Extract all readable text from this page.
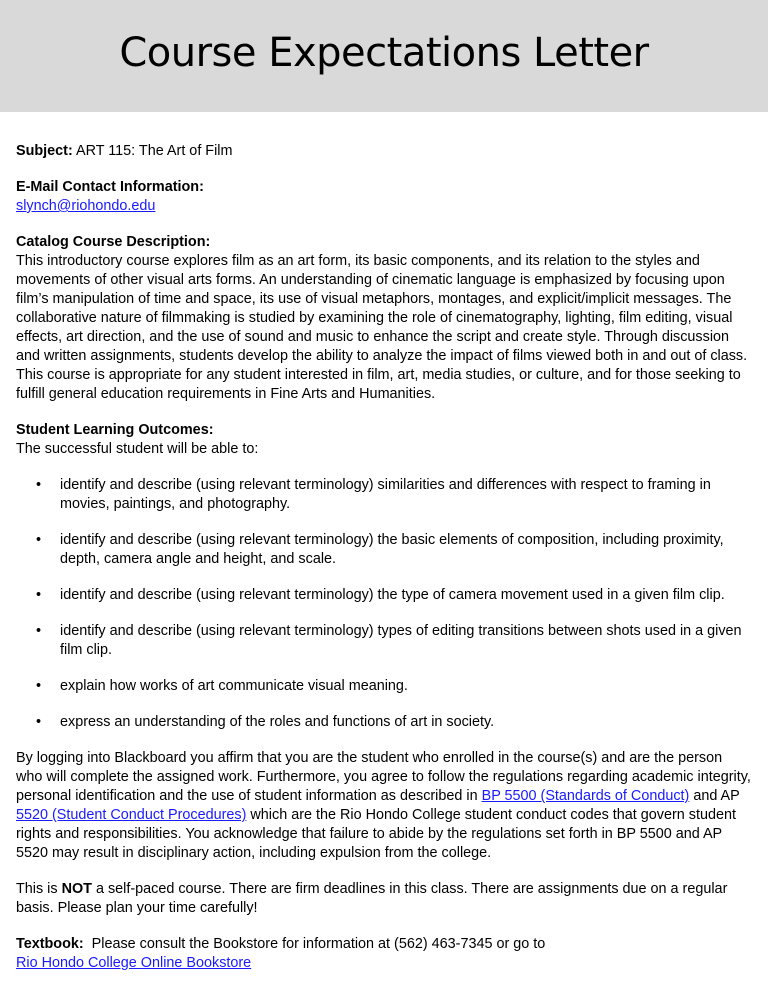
Course Expectations Letter
Subject: ART 115: The Art of Film
E-Mail Contact Information:
slynch@riohondo.edu
Catalog Course Description:
This introductory course explores film as an art form, its basic components, and its relation to the styles and movements of other visual arts forms. An understanding of cinematic language is emphasized by focusing upon film’s manipulation of time and space, its use of visual metaphors, montages, and explicit/implicit messages. The collaborative nature of filmmaking is studied by examining the role of cinematography, lighting, film editing, visual effects, art direction, and the use of sound and music to enhance the script and create style. Through discussion and written assignments, students develop the ability to analyze the impact of films viewed both in and out of class. This course is appropriate for any student interested in film, art, media studies, or culture, and for those seeking to fulfill general education requirements in Fine Arts and Humanities.
Student Learning Outcomes:
The successful student will be able to:
• identify and describe (using relevant terminology) similarities and differences with respect to framing in movies, paintings, and photography.
• identify and describe (using relevant terminology) the basic elements of composition, including proximity, depth, camera angle and height, and scale.
• identify and describe (using relevant terminology) the type of camera movement used in a given film clip.
• identify and describe (using relevant terminology) types of editing transitions between shots used in a given film clip.
• explain how works of art communicate visual meaning.
• express an understanding of the roles and functions of art in society.
By logging into Blackboard you affirm that you are the student who enrolled in the course(s) and are the person who will complete the assigned work. Furthermore, you agree to follow the regulations regarding academic integrity, personal identification and the use of student information as described in BP 5500 (Standards of Conduct) and AP 5520 (Student Conduct Procedures) which are the Rio Hondo College student conduct codes that govern student rights and responsibilities. You acknowledge that failure to abide by the regulations set forth in BP 5500 and AP 5520 may result in disciplinary action, including expulsion from the college.
This is NOT a self-paced course. There are firm deadlines in this class. There are assignments due on a regular basis. Please plan your time carefully!
Textbook:  Please consult the Bookstore for information at (562) 463-7345 or go to
Rio Hondo College Online Bookstore
